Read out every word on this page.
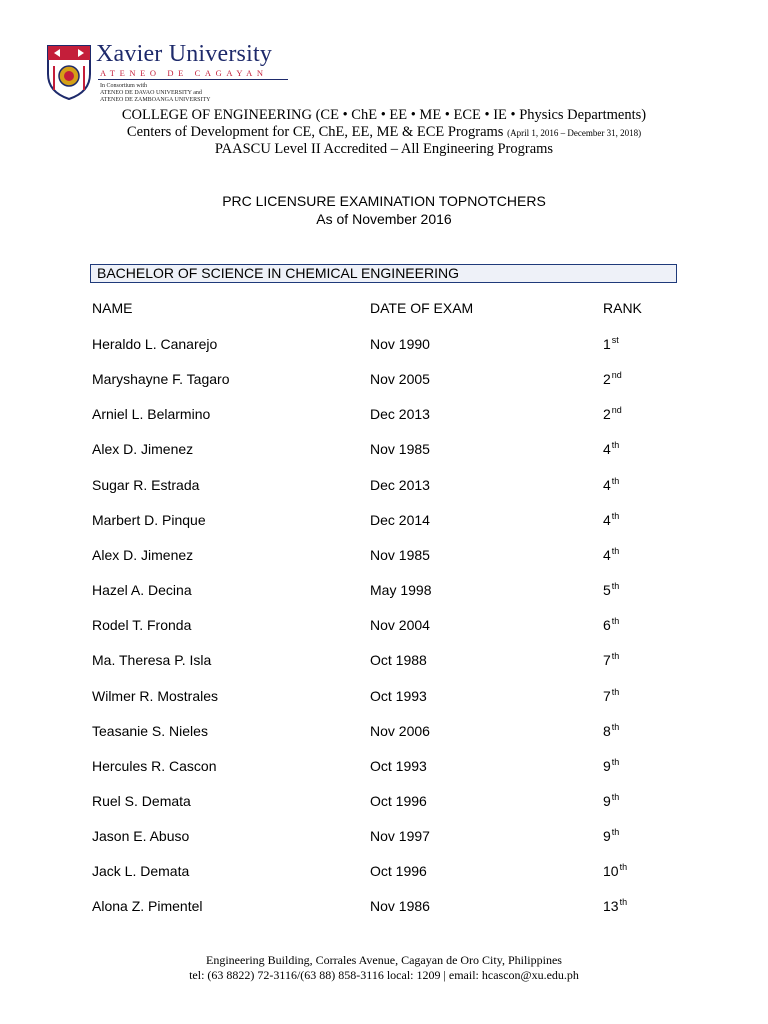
Xavier University
ATENEO DE CAGAYAN
In Consortium with
ATENEO DE DAVAO UNIVERSITY and
ATENEO DE ZAMBOANGA UNIVERSITY
COLLEGE OF ENGINEERING (CE • ChE • EE • ME • ECE • IE • Physics Departments)
Centers of Development for CE, ChE, EE, ME & ECE Programs (April 1, 2016 – December 31, 2018)
PAASCU Level II Accredited – All Engineering Programs
PRC LICENSURE EXAMINATION TOPNOTCHERS
As of November 2016
BACHELOR OF SCIENCE IN CHEMICAL ENGINEERING
NAME	DATE OF EXAM	RANK
Heraldo L. Canarejo	Nov 1990	1st
Maryshayne F. Tagaro	Nov 2005	2nd
Arniel L. Belarmino	Dec 2013	2nd
Alex D. Jimenez	Nov 1985	4th
Sugar R. Estrada	Dec 2013	4th
Marbert D. Pinque	Dec 2014	4th
Alex D. Jimenez	Nov 1985	4th
Hazel A. Decina	May 1998	5th
Rodel T. Fronda	Nov 2004	6th
Ma. Theresa P. Isla	Oct 1988	7th
Wilmer R. Mostrales	Oct 1993	7th
Teasanie S. Nieles	Nov 2006	8th
Hercules R. Cascon	Oct 1993	9th
Ruel S. Demata	Oct 1996	9th
Jason E. Abuso	Nov 1997	9th
Jack L. Demata	Oct 1996	10th
Alona Z. Pimentel	Nov 1986	13th
Engineering Building, Corrales Avenue, Cagayan de Oro City, Philippines
tel: (63 8822) 72-3116/(63 88) 858-3116 local: 1209 | email: hcascon@xu.edu.ph
